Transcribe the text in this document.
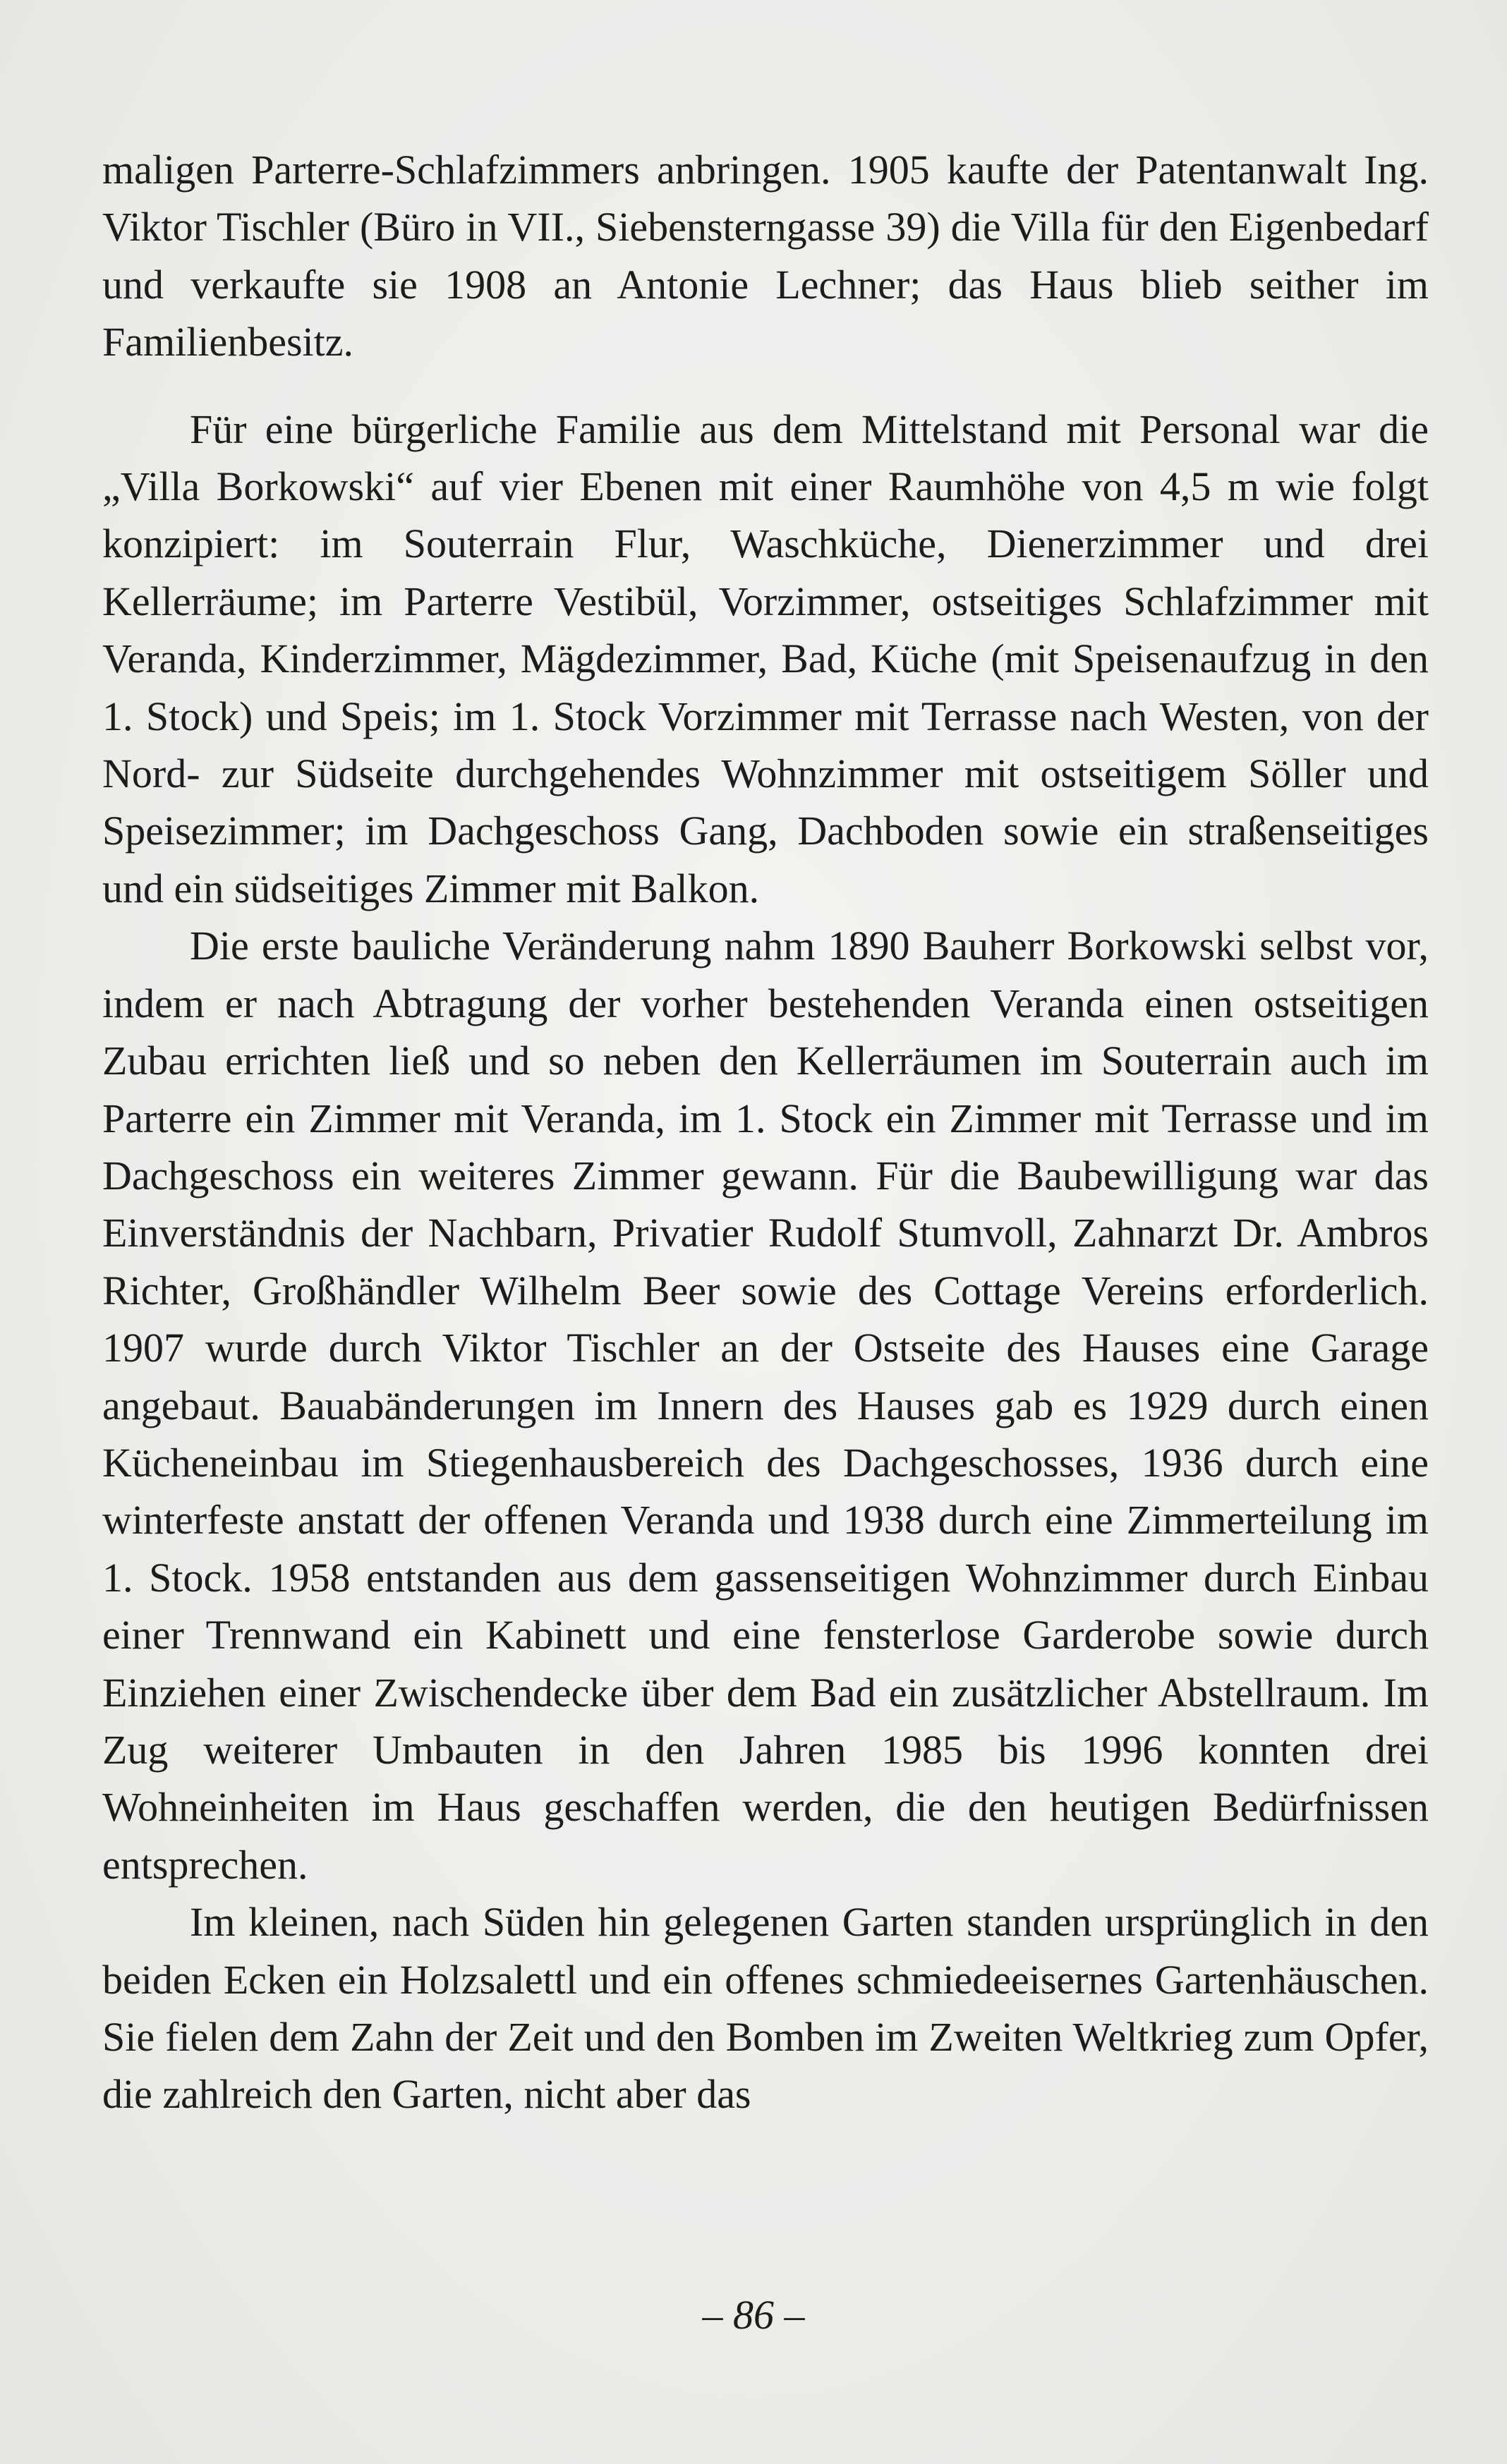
maligen Parterre-Schlafzimmers anbringen. 1905 kaufte der Patentanwalt Ing. Viktor Tischler (Büro in VII., Siebensterngasse 39) die Villa für den Eigenbedarf und verkaufte sie 1908 an Antonie Lechner; das Haus blieb seither im Familienbesitz.

Für eine bürgerliche Familie aus dem Mittelstand mit Personal war die „Villa Borkowski“ auf vier Ebenen mit einer Raumhöhe von 4,5 m wie folgt konzipiert: im Souterrain Flur, Waschküche, Dienerzimmer und drei Kellerräume; im Parterre Vestibül, Vorzimmer, ostseitiges Schlafzimmer mit Veranda, Kinderzimmer, Mägdezimmer, Bad, Küche (mit Speisenaufzug in den 1. Stock) und Speis; im 1. Stock Vorzimmer mit Terrasse nach Westen, von der Nord- zur Südseite durchgehendes Wohnzimmer mit ostseitigem Söller und Speisezimmer; im Dachgeschoss Gang, Dachboden sowie ein straßenseitiges und ein südseitiges Zimmer mit Balkon.

Die erste bauliche Veränderung nahm 1890 Bauherr Borkowski selbst vor, indem er nach Abtragung der vorher bestehenden Veranda einen ostseitigen Zubau errichten ließ und so neben den Kellerräumen im Souterrain auch im Parterre ein Zimmer mit Veranda, im 1. Stock ein Zimmer mit Terrasse und im Dachgeschoss ein weiteres Zimmer gewann. Für die Baubewilligung war das Einverständnis der Nachbarn, Privatier Rudolf Stumvoll, Zahnarzt Dr. Ambros Richter, Großhändler Wilhelm Beer sowie des Cottage Vereins erforderlich. 1907 wurde durch Viktor Tischler an der Ostseite des Hauses eine Garage angebaut. Bauabänderungen im Innern des Hauses gab es 1929 durch einen Kücheneinbau im Stiegenhausbereich des Dachgeschosses, 1936 durch eine winterfeste anstatt der offenen Veranda und 1938 durch eine Zimmerteilung im 1. Stock. 1958 entstanden aus dem gassenseitigen Wohnzimmer durch Einbau einer Trennwand ein Kabinett und eine fensterlose Garderobe sowie durch Einziehen einer Zwischendecke über dem Bad ein zusätzlicher Abstellraum. Im Zug weiterer Umbauten in den Jahren 1985 bis 1996 konnten drei Wohneinheiten im Haus geschaffen werden, die den heutigen Bedürfnissen entsprechen.

Im kleinen, nach Süden hin gelegenen Garten standen ursprünglich in den beiden Ecken ein Holzsalettl und ein offenes schmiedeeisernes Gartenhäuschen. Sie fielen dem Zahn der Zeit und den Bomben im Zweiten Weltkrieg zum Opfer, die zahlreich den Garten, nicht aber das

– 86 –
